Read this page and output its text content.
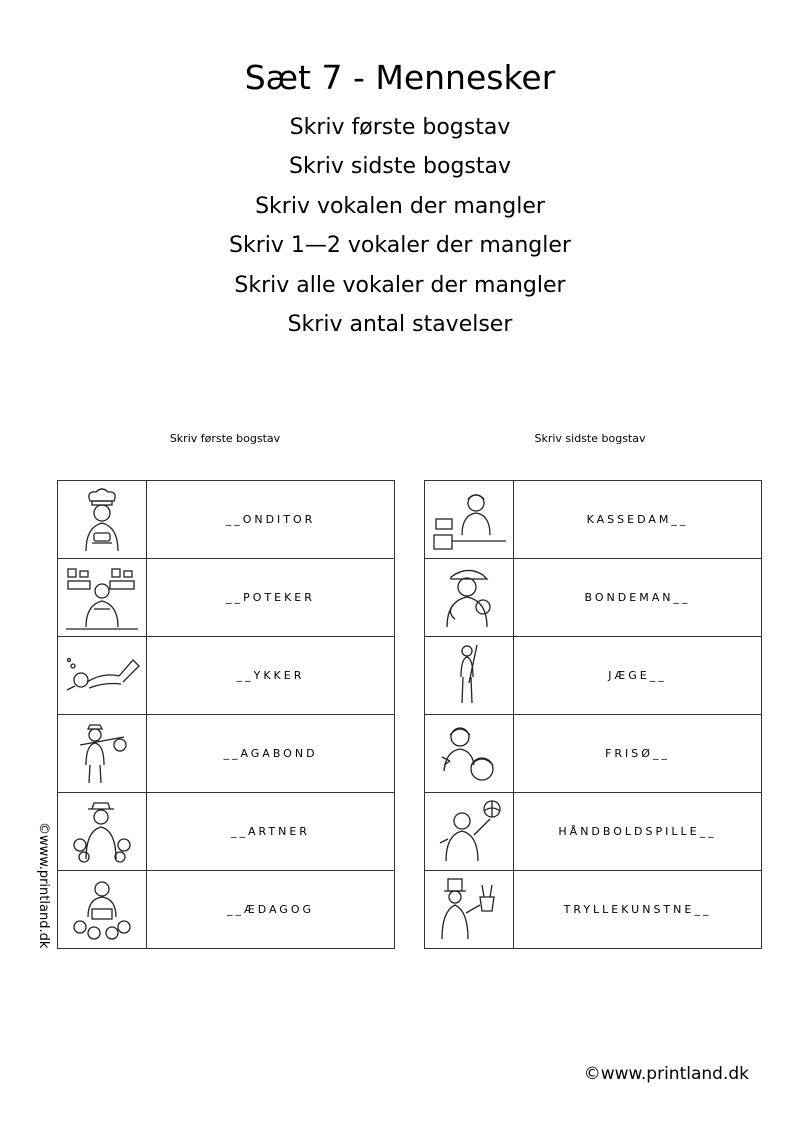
Sæt 7 - Mennesker
Skriv første bogstav
Skriv sidste bogstav
Skriv vokalen der mangler
Skriv 1—2 vokaler der mangler
Skriv alle vokaler der mangler
Skriv antal stavelser
Skriv første bogstav	Skriv sidste bogstav
	__ONDITOR

	__POTEKER

	__YKKER

	__AGABOND

	__ARTNER

	__ÆDAGOG
	KASSEDAM__

	BONDEMAN__

	JÆGE__

	FRISØ__

	HÅNDBOLDSPILLE__

	TRYLLEKUNSTNE__
©www.printland.dk
©www.printland.dk
